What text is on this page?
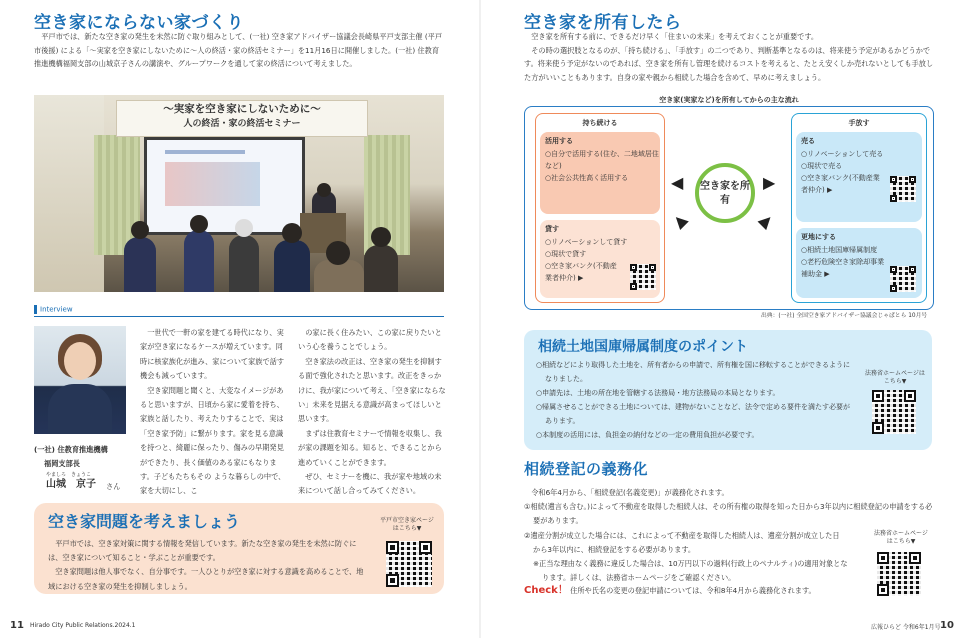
空き家にならない家づくり
平戸市では、新たな空き家の発生を未然に防ぐ取り組みとして、(一社) 空き家アドバイザー協議会長崎県平戸支部主催 (平戸市後援) による「〜実家を空き家にしないために〜人の終活・家の終活セミナー」を11月16日に開催しました。(一社) 住教育推進機構福岡支部の山城京子さんの講演や、グループワークを通して家の終活について考えました。
〜実家を空き家にしないために〜
人の終活・家の終活セミナー
Interview
(一社) 住教育推進機構
福岡支部長
やましろ　きょうこ
山城　京子 さん

一世代で一軒の家を建てる時代になり、実家が空き家になるケースが増えています。同時に核家族化が進み、家について家族で話す機会も減っています。

空き家問題と聞くと、大変なイメージがあると思いますが、日頃から家に愛着を持ち、家族と話したり、考えたりすることで、実は「空き家予防」に繋がります。家を見る意識を持つと、綺麗に保ったり、傷みの早期発見ができたり、長く価値のある家にもなります。子どもたちもその ような暮らしの中で、家を大切にし、こ

の家に長く住みたい、この家に戻りたいという心を養うことでしょう。

空き家法の改正は、空き家の発生を抑制する面で強化されたと思います。改正をきっかけに、我が家について考え、「空き家にならない」未来を見据える意識が高まってほしいと思います。

まずは住教育セミナーで情報を収集し、我が家の課題を知る。知ると、できることから進めていくことができます。

ぜひ、セミナーを機に、我が家や地域の未来について話し合ってみてください。

空き家問題を考えましょう
平戸市では、空き家対策に関する情報を発信しています。新たな空き家の発生を未然に防ぐには、空き家について知ること・学ぶことが重要です。
空き家問題は他人事でなく、自分事です。一人ひとりが空き家に対する意識を高めることで、地域における空き家の発生を抑制しましょう。
平戸市空き家ページはこちら▼
11 Hirado City Public Relations.2024.1
空き家を所有したら
空き家を所有する前に、できるだけ早く「住まいの未来」を考えておくことが重要です。
その時の選択肢となるのが、「持ち続ける」、「手放す」の二つであり、判断基準となるのは、将来使う予定があるかどうかです。将来使う予定がないのであれば、空き家を所有し管理を続けるコストを考えると、たとえ安くしか売れないとしても手放した方がいいこともあります。自身の家や親から相続した場合を含めて、早めに考えましょう。
空き家(実家など)を所有してからの主な流れ
持ち続ける
活用する
○自分で活用する(住む、二地域居住など)
○社会公共性高く活用する
貸す
○リノベーションして貸す
○現状で貸す
○空き家バンク(不動産業者仲介) ▶
◀	▶
◀	▶
空き家を所有
手放す
売る
○リノベーションして売る
○現状で売る
○空き家バンク(不動産業者仲介) ▶
更地にする
○相続土地国庫帰属制度
○老朽危険空き家除却事業補助金 ▶
出典：(一社) 全国空き家アドバイザー協議会じゃぱとら 10月号
相続土地国庫帰属制度のポイント
○相続などにより取得した土地を、所有者からの申請で、所有権を国に移転することができるようになりました。
○申請先は、土地の所在地を管轄する法務局・地方法務局の本局となります。
○帰属させることができる土地については、建物がないことなど、法令で定める要件を満たす必要があります。
○本制度の活用には、負担金の納付などの一定の費用負担が必要です。
法務省ホームページはこちら▼
相続登記の義務化
令和6年4月から、「相続登記(名義変更)」が義務化されます。
①相続(遺言も含む。)によって不動産を取得した相続人は、その所有権の取得を知った日から3年以内に相続登記の申請をする必要があります。
②遺産分割が成立した場合には、これによって不動産を取得した相続人は、遺産分割が成立した日から3年以内に、相続登記をする必要があります。
※正当な理由なく義務に違反した場合は、10万円以下の過料(行政上のペナルティ)の適用対象となります。詳しくは、法務省ホームページをご確認ください。
法務省ホームページはこちら▼
Check！ 住所や氏名の変更の登記申請については、令和8年4月から義務化されます。
広報ひらど 令和6年1月号 10
